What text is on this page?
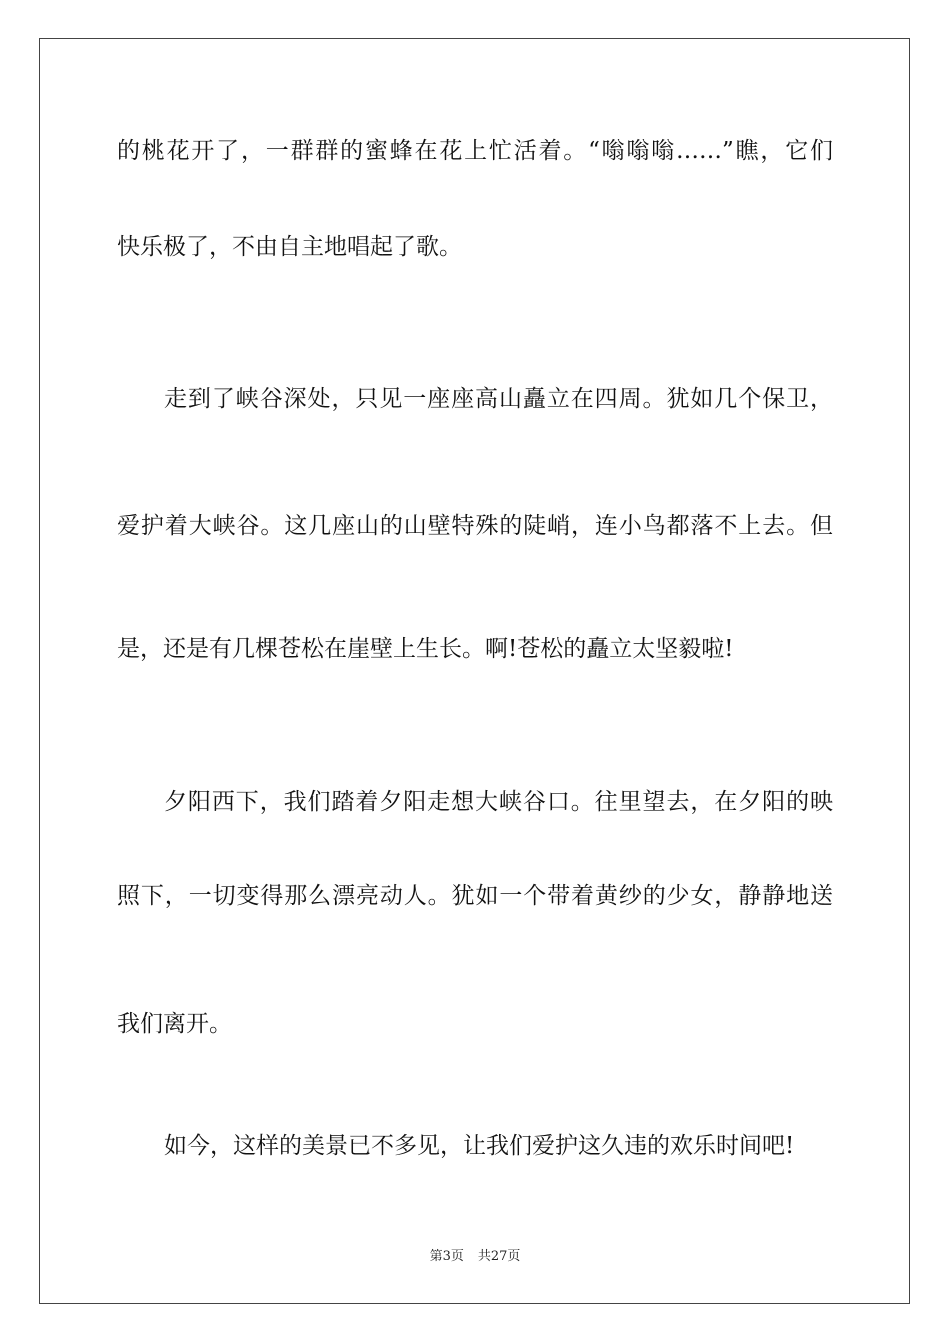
的桃花开了，一群群的蜜蜂在花上忙活着。“嗡嗡嗡……”瞧，它们
快乐极了，不由自主地唱起了歌。
走到了峡谷深处，只见一座座高山矗立在四周。犹如几个保卫，
爱护着大峡谷。这几座山的山壁特殊的陡峭，连小鸟都落不上去。但
是，还是有几棵苍松在崖壁上生长。啊!苍松的矗立太坚毅啦!
夕阳西下，我们踏着夕阳走想大峡谷口。往里望去，在夕阳的映
照下，一切变得那么漂亮动人。犹如一个带着黄纱的少女，静静地送
我们离开。
如今，这样的美景已不多见，让我们爱护这久违的欢乐时间吧!
第3页 共27页
